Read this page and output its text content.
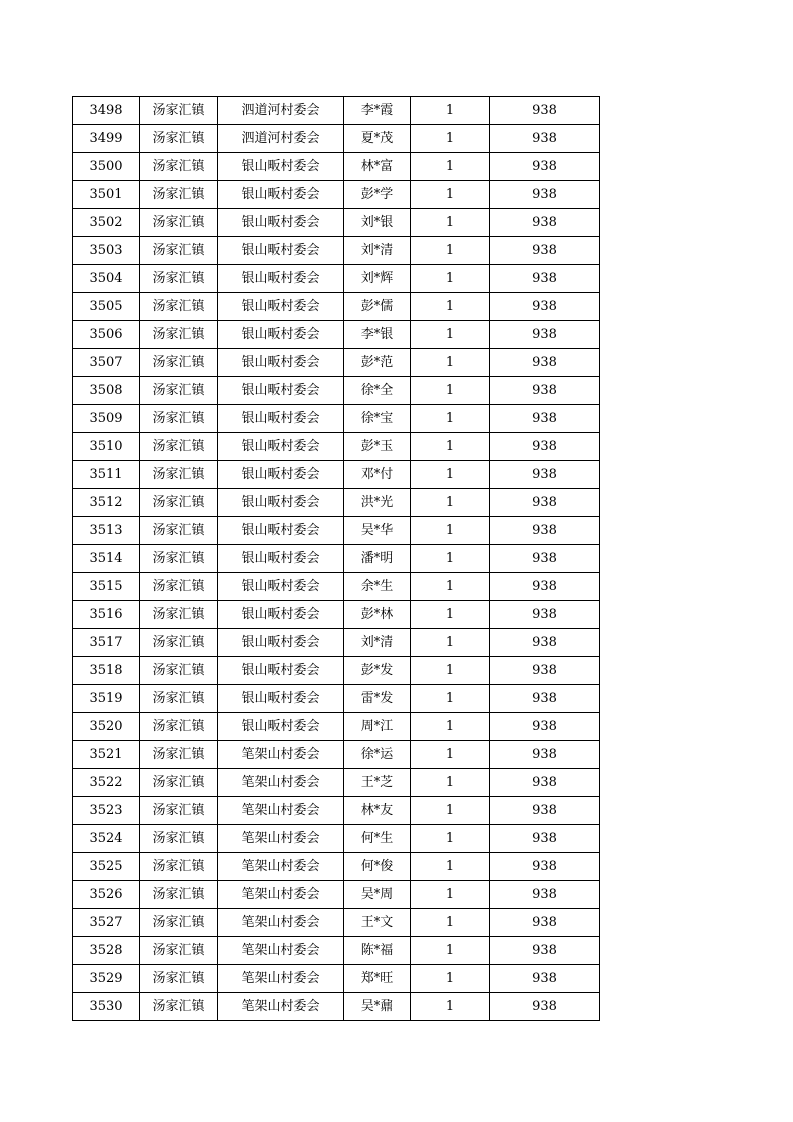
3498	汤家汇镇	泗道河村委会	李*霞	1	938
3499	汤家汇镇	泗道河村委会	夏*茂	1	938
3500	汤家汇镇	银山畈村委会	林*富	1	938
3501	汤家汇镇	银山畈村委会	彭*学	1	938
3502	汤家汇镇	银山畈村委会	刘*银	1	938
3503	汤家汇镇	银山畈村委会	刘*清	1	938
3504	汤家汇镇	银山畈村委会	刘*辉	1	938
3505	汤家汇镇	银山畈村委会	彭*儒	1	938
3506	汤家汇镇	银山畈村委会	李*银	1	938
3507	汤家汇镇	银山畈村委会	彭*范	1	938
3508	汤家汇镇	银山畈村委会	徐*全	1	938
3509	汤家汇镇	银山畈村委会	徐*宝	1	938
3510	汤家汇镇	银山畈村委会	彭*玉	1	938
3511	汤家汇镇	银山畈村委会	邓*付	1	938
3512	汤家汇镇	银山畈村委会	洪*光	1	938
3513	汤家汇镇	银山畈村委会	吴*华	1	938
3514	汤家汇镇	银山畈村委会	潘*明	1	938
3515	汤家汇镇	银山畈村委会	余*生	1	938
3516	汤家汇镇	银山畈村委会	彭*林	1	938
3517	汤家汇镇	银山畈村委会	刘*清	1	938
3518	汤家汇镇	银山畈村委会	彭*发	1	938
3519	汤家汇镇	银山畈村委会	雷*发	1	938
3520	汤家汇镇	银山畈村委会	周*江	1	938
3521	汤家汇镇	笔架山村委会	徐*运	1	938
3522	汤家汇镇	笔架山村委会	王*芝	1	938
3523	汤家汇镇	笔架山村委会	林*友	1	938
3524	汤家汇镇	笔架山村委会	何*生	1	938
3525	汤家汇镇	笔架山村委会	何*俊	1	938
3526	汤家汇镇	笔架山村委会	吴*周	1	938
3527	汤家汇镇	笔架山村委会	王*文	1	938
3528	汤家汇镇	笔架山村委会	陈*福	1	938
3529	汤家汇镇	笔架山村委会	郑*旺	1	938
3530	汤家汇镇	笔架山村委会	吴*鼐	1	938
